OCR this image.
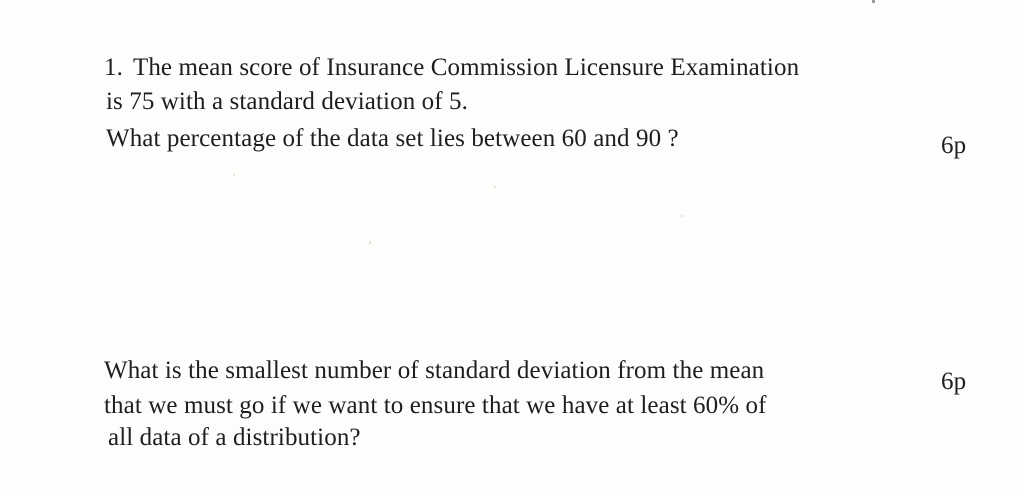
1. The mean score of Insurance Commission Licensure Examination
is 75 with a standard deviation of 5.
What percentage of the data set lies between 60 and 90 ?	6p
What is the smallest number of standard deviation from the mean
that we must go if we want to ensure that we have at least 60% of
all data of a distribution?
6p
